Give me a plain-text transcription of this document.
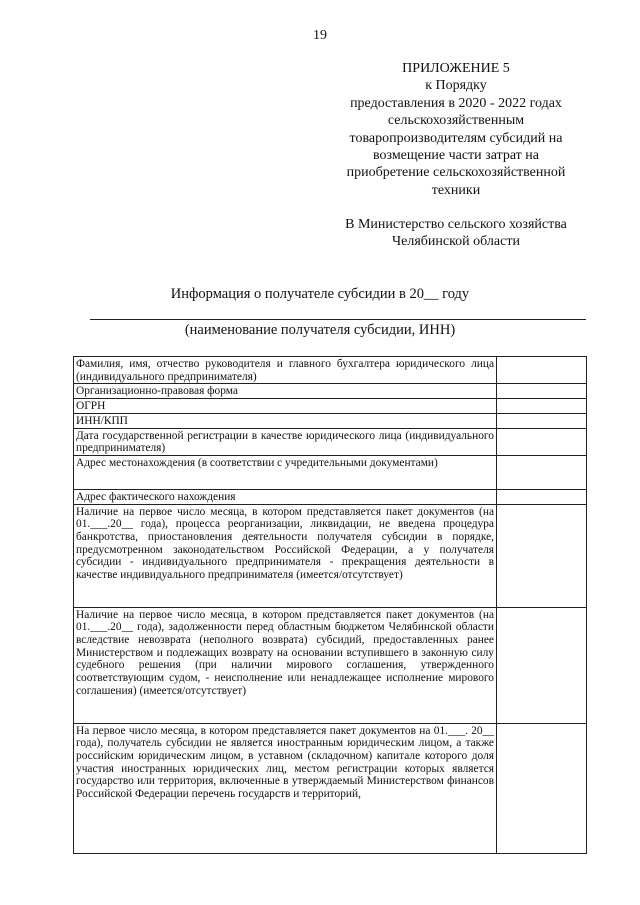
19
ПРИЛОЖЕНИЕ 5
к Порядку
предоставления в 2020 - 2022 годах
сельскохозяйственным
товаропроизводителям субсидий на
возмещение части затрат на
приобретение сельскохозяйственной
техники
В Министерство сельского хозяйства
Челябинской области
Информация о получателе субсидии в 20__ году
(наименование получателя субсидии, ИНН)
Фамилия, имя, отчество руководителя и главного бухгалтера юридического лица (индивидуального предпринимателя)	
Организационно-правовая форма	
ОГРН	
ИНН/КПП	
Дата государственной регистрации в качестве юридического лица (индивидуального предпринимателя)	
Адрес местонахождения (в соответствии с учредительными документами)	
Адрес фактического нахождения	
Наличие на первое число месяца, в котором представляется пакет документов (на 01.___.20__ года), процесса реорганизации, ликвидации, не введена процедура банкротства, приостановления деятельности получателя субсидии в порядке, предусмотренном законодательством Российской Федерации, а у получателя субсидии - индивидуального предпринимателя - прекращения деятельности в качестве индивидуального предпринимателя (имеется/отсутствует)	
Наличие на первое число месяца, в котором представляется пакет документов (на 01.___.20__ года), задолженности перед областным бюджетом Челябинской области вследствие невозврата (неполного возврата) субсидий, предоставленных ранее Министерством и подлежащих возврату на основании вступившего в законную силу судебного решения (при наличии мирового соглашения, утвержденного соответствующим судом, - неисполнение или ненадлежащее исполнение мирового соглашения) (имеется/отсутствует)	
На первое число месяца, в котором представляется пакет документов на 01.___. 20__ года), получатель субсидии не является иностранным юридическим лицом, а также российским юридическим лицом, в уставном (складочном) капитале которого доля участия иностранных юридических лиц, местом регистрации которых является государство или территория, включенные в утверждаемый Министерством финансов Российской Федерации перечень государств и территорий,	
